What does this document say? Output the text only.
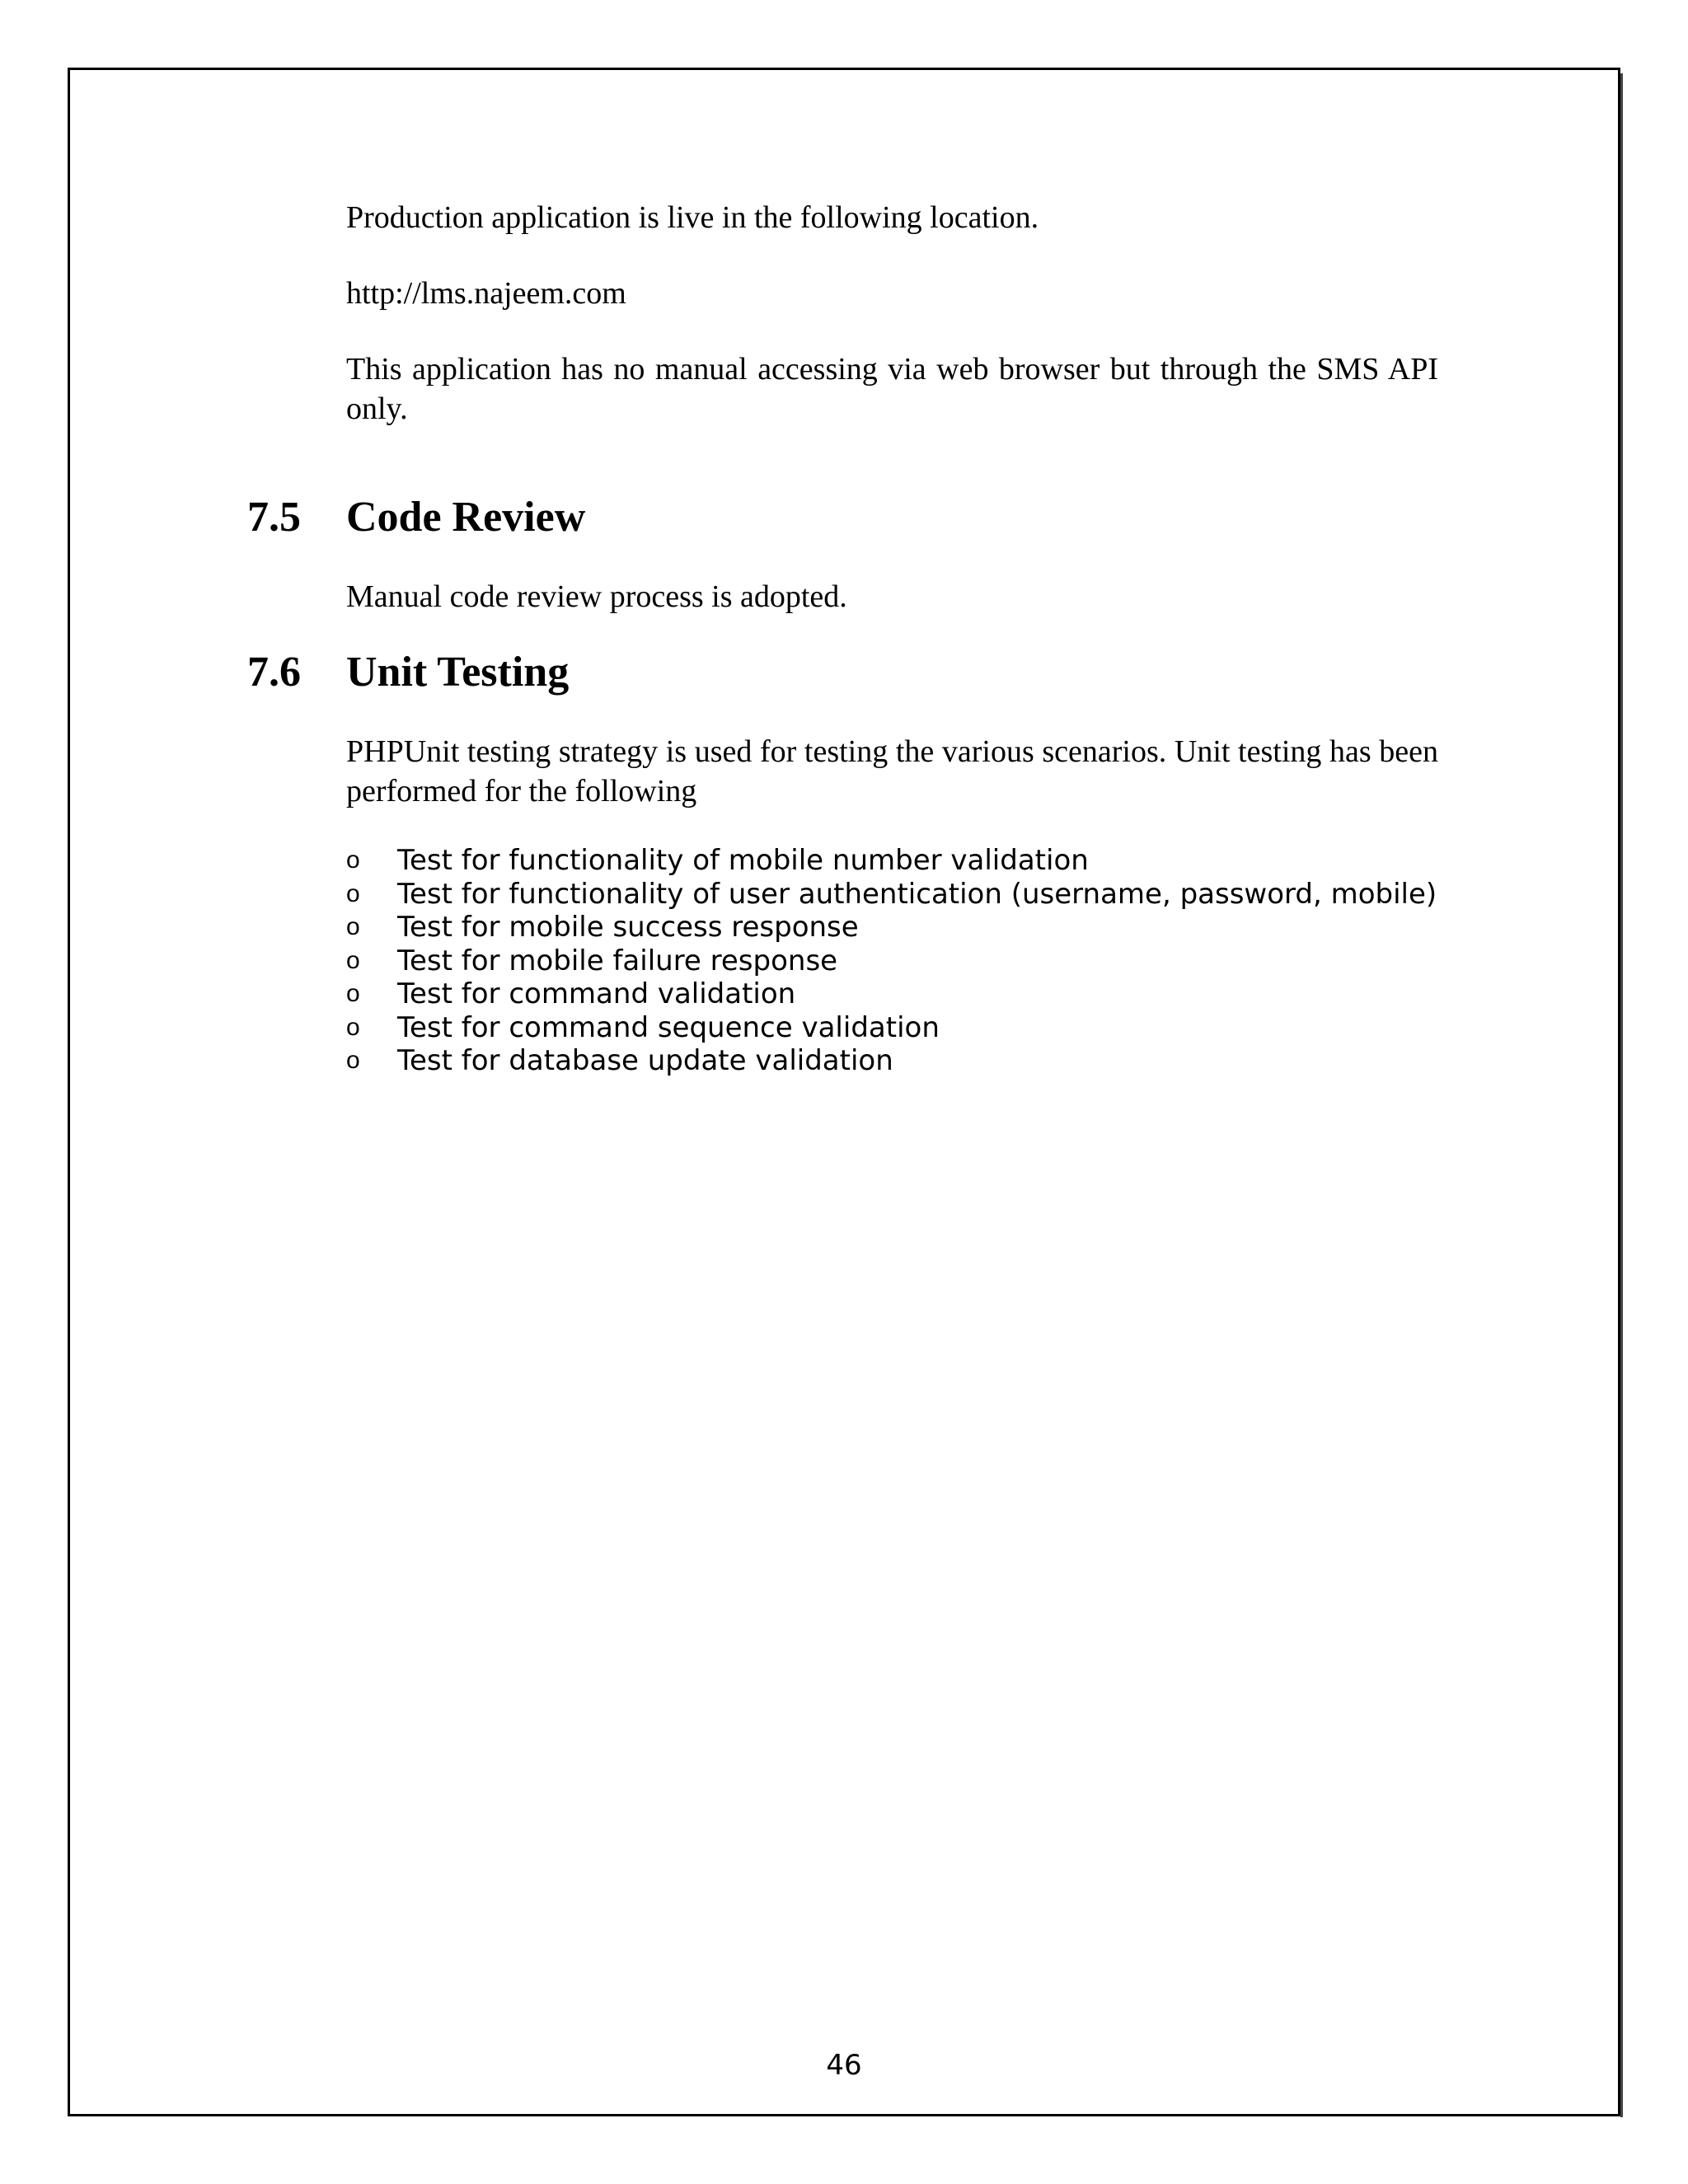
Production application is live in the following location.

http://lms.najeem.com

This application has no manual accessing via web browser but through the SMS API only.

7.5 Code Review

Manual code review process is adopted.

7.6 Unit Testing

PHPUnit testing strategy is used for testing the various scenarios. Unit testing has been performed for the following

o Test for functionality of mobile number validation
o Test for functionality of user authentication (username, password, mobile)
o Test for mobile success response
o Test for mobile failure response
o Test for command validation
o Test for command sequence validation
o Test for database update validation
46
